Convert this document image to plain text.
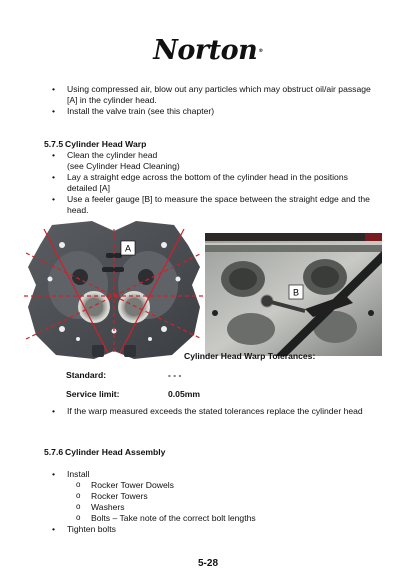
Norton®
• Using compressed air, blow out any particles which may obstruct oil/air passage [A] in the cylinder head.
• Install the valve train (see this chapter)
5.7.5 Cylinder Head Warp
• Clean the cylinder head
(see Cylinder Head Cleaning)
• Lay a straight edge across the bottom of the cylinder head in the positions detailed [A]
• Use a feeler gauge [B] to measure the space between the straight edge and the head.
A
B
Cylinder Head Warp Tolerances:
Standard:	- - -
Service limit:	0.05mm
• If the warp measured exceeds the stated tolerances replace the cylinder head
5.7.6 Cylinder Head Assembly
• Install
o Rocker Tower Dowels
o Rocker Towers
o Washers
o Bolts – Take note of the correct bolt lengths
• Tighten bolts
5-28
